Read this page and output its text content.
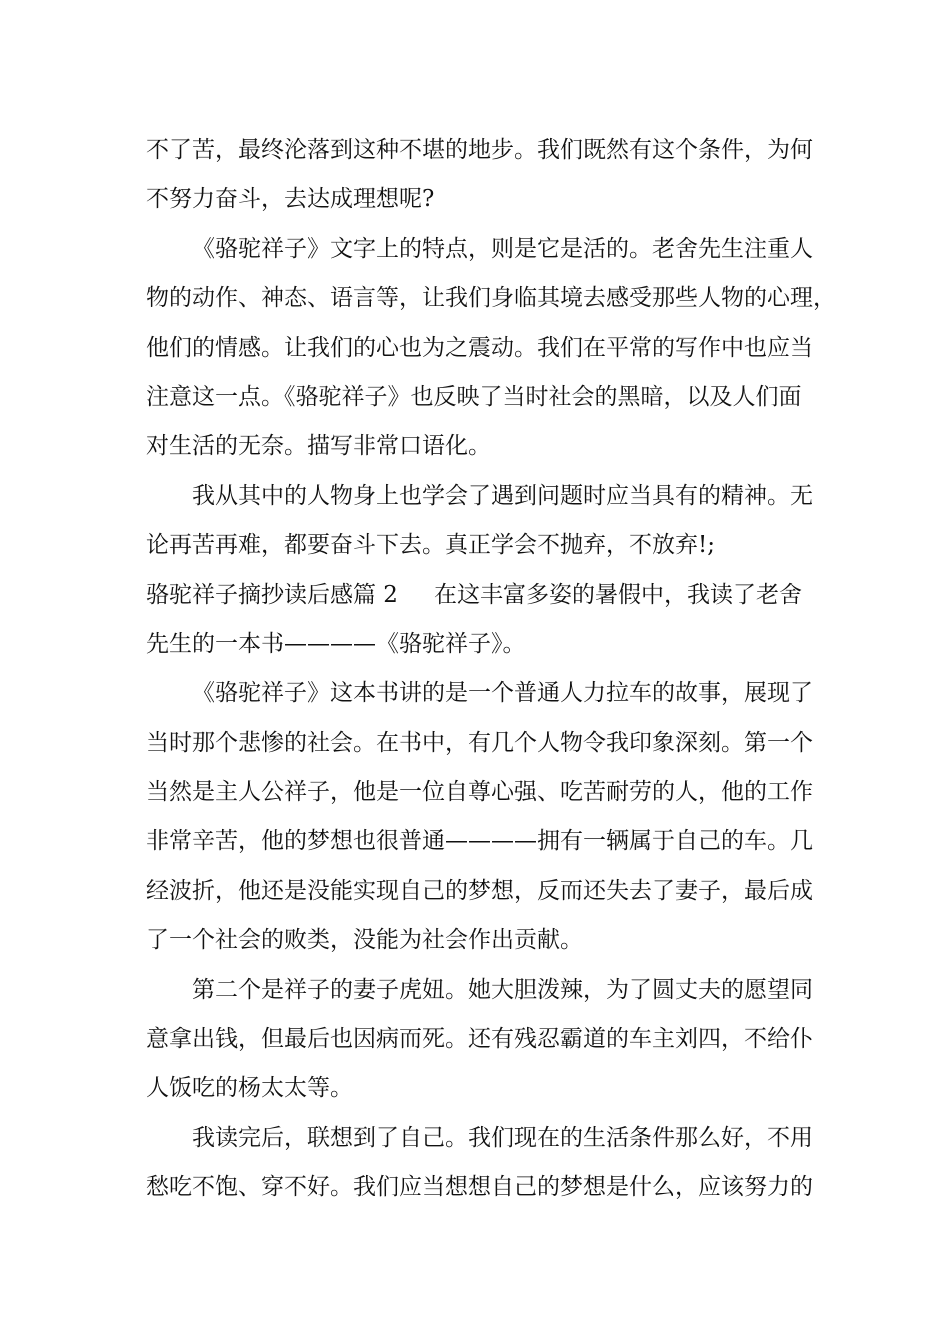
不了苦，最终沦落到这种不堪的地步。我们既然有这个条件，为何
不努力奋斗，去达成理想呢?
《骆驼祥子》文字上的特点，则是它是活的。老舍先生注重人
物的动作、神态、语言等，让我们身临其境去感受那些人物的心理，
他们的情感。让我们的心也为之震动。我们在平常的写作中也应当
注意这一点。《骆驼祥子》也反映了当时社会的黑暗，以及人们面
对生活的无奈。描写非常口语化。
我从其中的人物身上也学会了遇到问题时应当具有的精神。无
论再苦再难，都要奋斗下去。真正学会不抛弃，不放弃!;
骆驼祥子摘抄读后感篇 2 在这丰富多姿的暑假中，我读了老舍
先生的一本书————《骆驼祥子》。
《骆驼祥子》这本书讲的是一个普通人力拉车的故事，展现了
当时那个悲惨的社会。在书中，有几个人物令我印象深刻。第一个
当然是主人公祥子，他是一位自尊心强、吃苦耐劳的人，他的工作
非常辛苦，他的梦想也很普通————拥有一辆属于自己的车。几
经波折，他还是没能实现自己的梦想，反而还失去了妻子，最后成
了一个社会的败类，没能为社会作出贡献。
第二个是祥子的妻子虎妞。她大胆泼辣，为了圆丈夫的愿望同
意拿出钱，但最后也因病而死。还有残忍霸道的车主刘四，不给仆
人饭吃的杨太太等。
我读完后，联想到了自己。我们现在的生活条件那么好，不用
愁吃不饱、穿不好。我们应当想想自己的梦想是什么，应该努力的
